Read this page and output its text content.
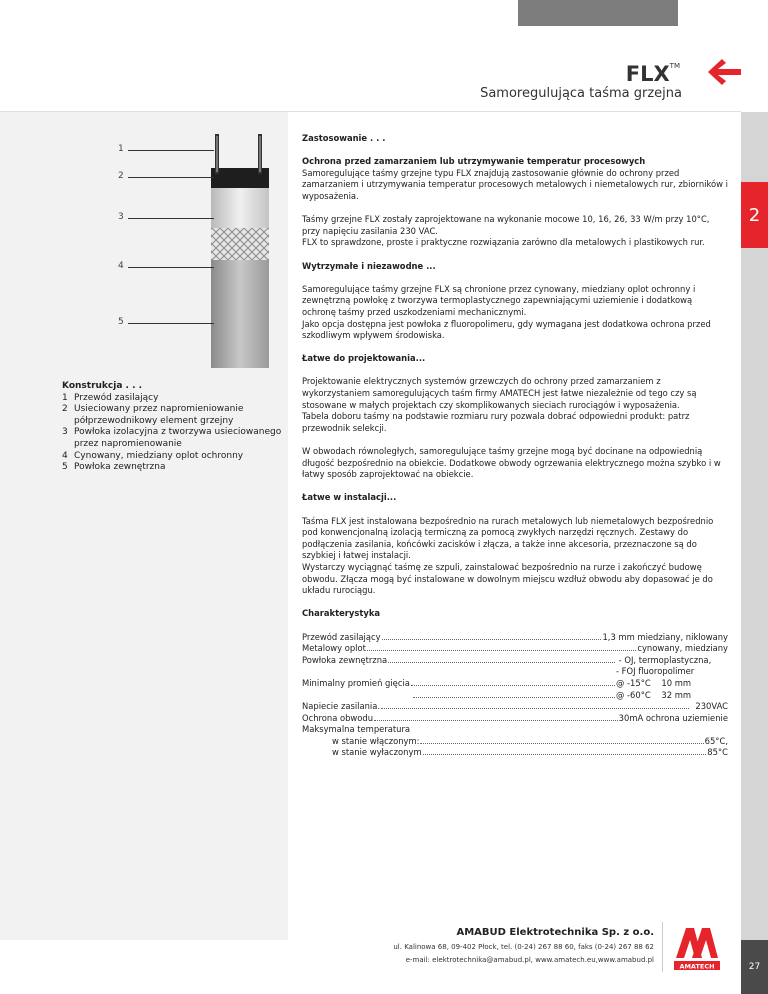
2
27
FLX™
Samoregulująca taśma grzejna
1
2
3
4
5
Konstrukcja . . .
1 Przewód zasilający
2 Usieciowany przez napromieniowanie półprzewodnikowy element grzejny
3 Powłoka izolacyjna z tworzywa usieciowanego przez napromienowanie
4 Cynowany, miedziany oplot ochronny
5 Powłoka zewnętrzna

Zastosowanie . . .

Ochrona przed zamarzaniem lub utrzymywanie temperatur procesowych

Samoregulujące taśmy grzejne typu FLX znajdują zastosowanie głównie do ochrony przed zamarzaniem i utrzymywania temperatur procesowych metalowych i niemetalowych rur, zbiorników i wyposażenia.

Taśmy grzejne FLX zostały zaprojektowane na wykonanie mocowe 10, 16, 26, 33 W/m przy 10°C, przy napięciu zasilania 230 VAC.

FLX to sprawdzone, proste i praktyczne rozwiązania zarówno dla metalowych i plastikowych rur.

Wytrzymałe i niezawodne ...

Samoregulujące taśmy grzejne FLX są chronione przez cynowany, miedziany oplot ochronny i zewnętrzną powłokę z tworzywa termoplastycznego zapewniającymi uziemienie i dodatkową ochronę taśmy przed uszkodzeniami mechanicznymi.

Jako opcja dostępna jest powłoka z fluoropolimeru, gdy wymagana jest dodatkowa ochrona przed szkodliwym wpływem środowiska.

Łatwe do projektowania...

Projektowanie elektrycznych systemów grzewczych do ochrony przed zamarzaniem z wykorzystaniem samoregulujących taśm firmy AMATECH jest łatwe niezależnie od tego czy są stosowane w małych projektach czy skomplikowanych sieciach rurociągów i wyposażenia.

Tabela doboru taśmy na podstawie rozmiaru rury pozwala dobrać odpowiedni produkt: patrz przewodnik selekcji.

W obwodach równoległych, samoregulujące taśmy grzejne mogą być docinane na odpowiednią długość bezpośrednio na obiekcie. Dodatkowe obwody ogrzewania elektrycznego można szybko i w łatwy sposób zaprojektować na obiekcie.

Łatwe w instalacji...

Taśma FLX jest instalowana bezpośrednio na rurach metalowych lub niemetalowych bezpośrednio pod konwencjonalną izolacją termiczną za pomocą zwykłych narzędzi ręcznych. Zestawy do podłączenia zasilania, końcówki zacisków i złącza, a także inne akcesoria, przeznaczone są do szybkiej i łatwej instalacji.

Wystarczy wyciągnąć taśmę ze szpuli, zainstalować bezpośrednio na rurze i zakończyć budowę obwodu. Złącza mogą być instalowane w dowolnym miejscu wzdłuż obwodu aby dopasować je do układu rurociągu.

Charakterystyka

Przewód zasilający	1,3 mm miedziany, niklowany
Metalowy oplot	cynowany, miedziany
Powłoka zewnętrzna	- OJ, termoplastyczna,
- FOJ fluoropolimer
Minimalny promień gięcia	@ -15°C    10 mm
@ -60°C    32 mm
Napiecie zasilania.	230VAC
Ochrona obwodu	30mA ochrona uziemienie
Maksymalna temperatura
w stanie włączonym:	65°C,
w stanie wyłaczonym	85°C
AMABUD Elektrotechnika Sp. z o.o.
ul. Kalinowa 68, 09-402 Płock, tel. (0-24) 267 88 60, faks (0-24) 267 88 62
e-mail: elektrotechnika@amabud.pl, www.amatech.eu,www.amabud.pl
AMATECH
